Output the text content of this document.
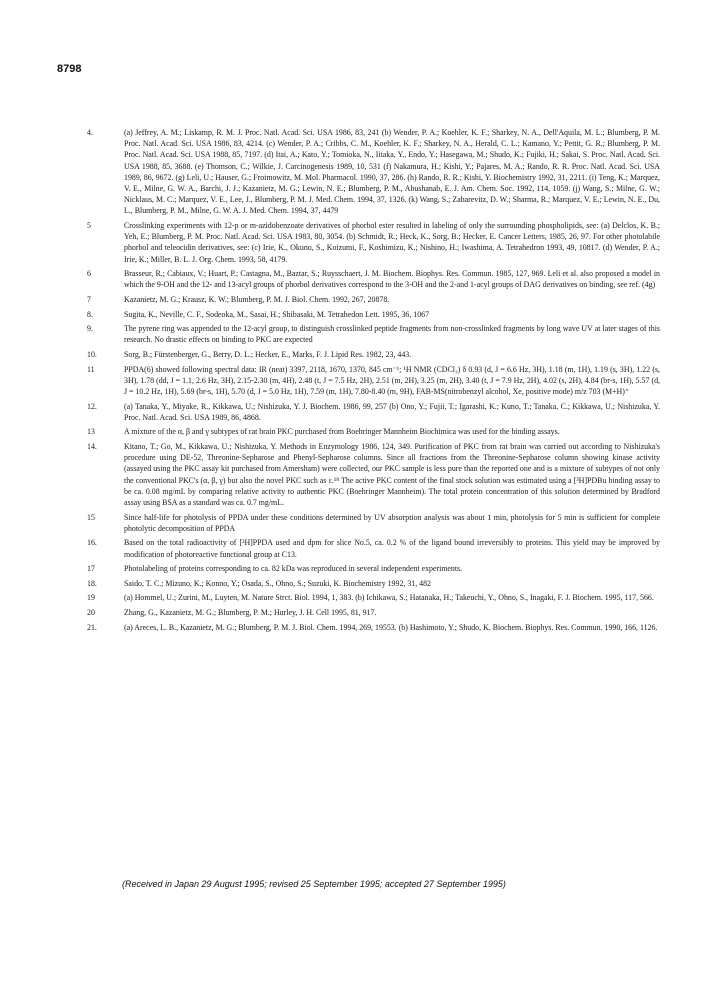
8798
4.	(a) Jeffrey, A. M.; Liskamp, R. M. J. Proc. Natl. Acad. Sci. USA 1986, 83, 241 (b) Wender, P. A.; Koehler, K. F.; Sharkey, N. A., Dell'Aquila, M. L.; Blumberg, P. M. Proc. Natl. Acad. Sci. USA 1986, 83, 4214. (c) Wender, P. A.; Cribbs, C. M., Koehler, K. F.; Sharkey, N. A., Herald, C. L.; Kamano, Y.; Pettit, G. R.; Blumberg, P. M. Proc. Natl. Acad. Sci. USA 1988, 85, 7197. (d) Itai, A.; Kato, Y.; Tomioka, N., Iitaka, Y., Endo, Y.; Hasegawa, M.; Shudo, K.; Fujiki, H.; Sakai, S. Proc. Natl. Acad. Sci. USA 1988, 85, 3688. (e) Thomson, C.; Wilkie, J. Carcinogenesis 1989, 10, 531 (f) Nakamura, H.; Kishi, Y.; Pajares, M. A.; Rando, R. R. Proc. Natl. Acad. Sci. USA 1989, 86, 9672. (g) Leli, U.; Hauser, G.; Froimowitz, M. Mol. Pharmacol. 1990, 37, 286. (h) Rando, R. R.; Kishi, Y. Biochemistry 1992, 31, 2211. (i) Teng, K.; Marquez, V. E., Milne, G. W. A., Barchi, J. J.; Kazanietz, M. G.; Lewin, N. E.; Blumberg, P. M., Abushanab, E. J. Am. Chem. Soc. 1992, 114, 1059. (j) Wang, S.; Milne, G. W.; Nicklaus, M. C.; Marquez, V. E., Lee, J., Blumberg, P. M. J. Med. Chem. 1994, 37, 1326. (k) Wang, S.; Zaharevitz, D. W.; Sharma, R.; Marquez, V. E.; Lewin, N. E., Du, L., Blumberg, P. M., Milne, G. W. A. J. Med. Chem. 1994, 37, 4479
5	Crosslinking experiments with 12-p or m-azidobenzoate derivatives of phorbol ester resulted in labeling of only the surrounding phospholipids, see: (a) Delclos, K. B.; Yeh, E.; Blumberg, P. M. Proc. Natl. Acad. Sci. USA 1983, 80, 3054. (b) Schmidt, R.; Heck, K., Sorg, B.; Hecker, E. Cancer Letters, 1985, 26, 97. For other photolabile phorbol and teleocidin derivatives, see: (c) Irie, K., Okuno, S., Koizumi, F., Koshimizu, K.; Nishino, H.; Iwashima, A. Tetrahedron 1993, 49, 10817. (d) Wender, P. A.; Irie, K.; Miller, B. L. J. Org. Chem. 1993, 58, 4179.
6	Brasseur, R.; Cabiaux, V.; Huart, P.; Castagna, M., Baztar, S.; Ruysschaert, J. M. Biochem. Biophys. Res. Commun. 1985, 127, 969. Leli et al. also proposed a model in which the 9-OH and the 12- and 13-acyl groups of phorbol derivatives correspond to the 3-OH and the 2-and 1-acyl groups of DAG derivatives on binding, see ref. (4g)
7	Kazanietz, M. G.; Krausz, K. W.; Blumberg, P. M. J. Biol. Chem. 1992, 267, 20878.
8.	Sugita, K., Neville, C. F., Sodeoka, M., Sasai, H.; Shibasaki, M. Tetrahedon Lett. 1995, 36, 1067
9.	The pyrene ring was appended to the 12-acyl group, to distinguish crosslinked peptide fragments from non-crosslinked fragments by long wave UV at later stages of this research. No drastic effects on binding to PKC are expected
10.	Sorg, B.; Fürstenberger, G., Berry, D. L.; Hecker, E., Marks, F. J. Lipid Res. 1982, 23, 443.
11	PPDA(6) showed following spectral data: IR (neat) 3397, 2118, 1670, 1370, 845 cm⁻¹; ¹H NMR (CDCl₃) δ 0.93 (d, J = 6.6 Hz, 3H), 1.18 (m, 1H), 1.19 (s, 3H), 1.22 (s, 3H), 1.78 (dd, J = 1.1, 2.6 Hz, 3H), 2.15-2.30 (m, 4H), 2.48 (t, J = 7.5 Hz, 2H), 2.51 (m, 2H), 3.25 (m, 2H), 3.40 (t, J = 7.9 Hz, 2H), 4.02 (s, 2H), 4.84 (br-s, 1H), 5.57 (d, J = 10.2 Hz, 1H), 5.69 (br-s, 1H), 5.70 (d, J = 5.0 Hz, 1H), 7.59 (m, 1H), 7.80-8.40 (m, 9H), FAB-MS(nitrobenzyl alcohol, Xe, positive mode) m/z 703 (M+H)⁺
12.	(a) Tanaka, Y., Miyake, R., Kikkawa, U.; Nishizuka, Y. J. Biochem. 1986, 99, 257 (b) Ono, Y.; Fujii, T.; Igarashi, K.; Kuno, T.; Tanaka, C.; Kikkawa, U.; Nishizuka, Y. Proc. Natl. Acad. Sci. USA 1989, 86, 4868.
13	A mixture of the α, β and γ subtypes of rat brain PKC purchased from Boehringer Mannheim Biochimica was used for the binding assays.
14.	Kitano, T.; Go, M., Kikkawa, U.; Nishizuka, Y. Methods in Enzymology 1986, 124, 349. Purification of PKC from rat brain was carried out according to Nishizuka's procedure using DE-52, Threonine-Sepharose and Phenyl-Sepharose columns. Since all fractions from the Threonine-Sepharose column showing kinase activity (assayed using the PKC assay kit purchased from Amersham) were collected, our PKC sample is less pure than the reported one and is a mixture of subtypes of not only the conventional PKC's (α, β, γ) but also the novel PKC such as ε.¹⁸ The active PKC content of the final stock solution was estimated using a [³H]PDBu binding assay to be ca. 0.08 mg/mL by comparing relative activity to authentic PKC (Boehringer Mannheim). The total protein concentration of this solution determined by Bradford assay using BSA as a standard was ca. 0.7 mg/mL.
15	Since half-life for photolysis of PPDA under these conditions determined by UV absorption analysis was about 1 min, photolysis for 5 min is sufficient for complete photolytic decomposition of PPDA
16.	Based on the total radioactivity of [³H]PPDA used and dpm for slice No.5, ca. 0.2 % of the ligand bound irreversibly to proteins. This yield may be improved by modification of photoreactive functional group at C13.
17	Photolabeling of proteins corresponding to ca. 82 kDa was reproduced in several independent experiments.
18.	Saido, T. C.; Mizuno, K.; Konno, Y.; Osada, S., Ohno, S.; Suzuki, K. Biochemistry 1992, 31, 482
19	(a) Hommel, U.; Zurini, M., Luyten, M. Nature Strct. Biol. 1994, 1, 383. (b) Ichikawa, S.; Hatanaka, H.; Takeuchi, Y., Ohno, S., Inagaki, F. J. Biochem. 1995, 117, 566.
20	Zhang, G., Kazanietz, M. G.; Blumberg, P. M.; Hurley, J. H. Cell 1995, 81, 917.
21.	(a) Areces, L. B., Kazanietz, M. G.; Blumberg, P. M. J. Biol. Chem. 1994, 269, 19553. (b) Hashimoto, Y.; Shudo, K. Biochem. Biophys. Res. Commun. 1990, 166, 1126.
(Received in Japan 29 August 1995; revised 25 September 1995; accepted 27 September 1995)
